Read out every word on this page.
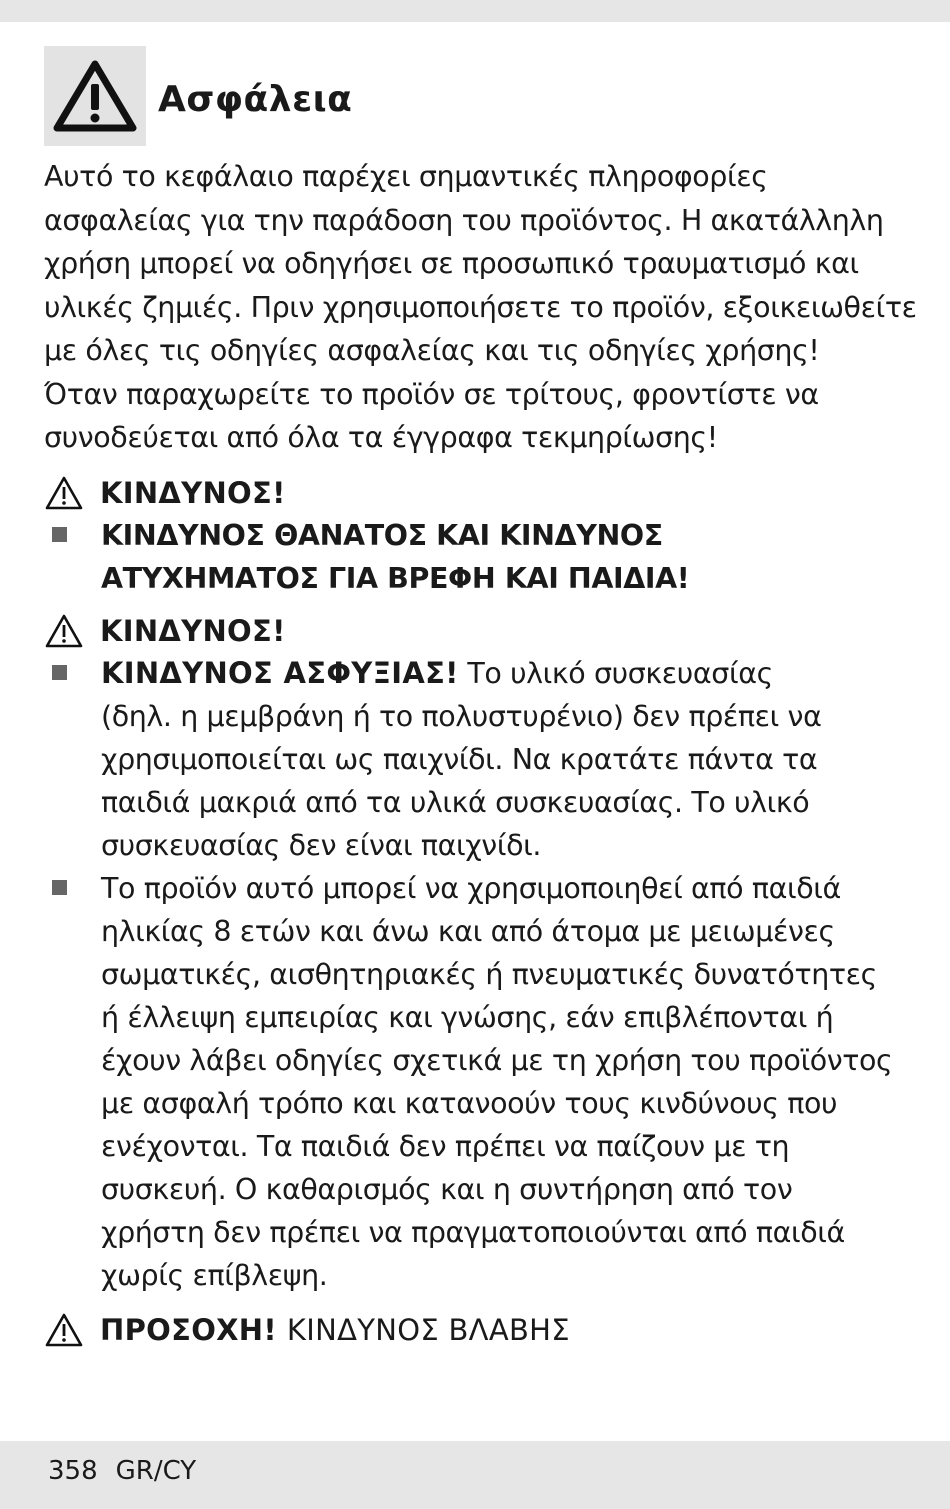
Ασφάλεια

Αυτό το κεφάλαιο παρέχει σημαντικές πληροφορίες

ασφαλείας για την παράδοση του προϊόντος. Η ακατάλληλη

χρήση μπορεί να οδηγήσει σε προσωπικό τραυματισμό και

υλικές ζημιές. Πριν χρησιμοποιήσετε το προϊόν, εξοικειωθείτε

με όλες τις οδηγίες ασφαλείας και τις οδηγίες χρήσης!

Όταν παραχωρείτε το προϊόν σε τρίτους, φροντίστε να

συνοδεύεται από όλα τα έγγραφα τεκμηρίωσης!

ΚΙΝΔΥΝΟΣ!

ΚΙΝΔΥΝΟΣ ΘΑΝΑΤΟΣ ΚΑΙ ΚΙΝΔΥΝΟΣ

ΑΤΥΧΗΜΑΤΟΣ ΓΙΑ ΒΡΕΦΗ ΚΑΙ ΠΑΙΔΙΑ!

ΚΙΝΔΥΝΟΣ!

ΚΙΝΔΥΝΟΣ ΑΣΦΥΞΙΑΣ! Το υλικό συσκευασίας

(δηλ. η μεμβράνη ή το πολυστυρένιο) δεν πρέπει να

χρησιμοποιείται ως παιχνίδι. Να κρατάτε πάντα τα

παιδιά μακριά από τα υλικά συσκευασίας. Το υλικό

συσκευασίας δεν είναι παιχνίδι.

Το προϊόν αυτό μπορεί να χρησιμοποιηθεί από παιδιά

ηλικίας 8 ετών και άνω και από άτομα με μειωμένες

σωματικές, αισθητηριακές ή πνευματικές δυνατότητες

ή έλλειψη εμπειρίας και γνώσης, εάν επιβλέπονται ή

έχουν λάβει οδηγίες σχετικά με τη χρήση του προϊόντος

με ασφαλή τρόπο και κατανοούν τους κινδύνους που

ενέχονται. Τα παιδιά δεν πρέπει να παίζουν με τη

συσκευή. Ο καθαρισμός και η συντήρηση από τον

χρήστη δεν πρέπει να πραγματοποιούνται από παιδιά

χωρίς επίβλεψη.

ΠΡΟΣΟΧΗ! ΚΙΝΔΥΝΟΣ ΒΛΑΒΗΣ
358 GR/CY
